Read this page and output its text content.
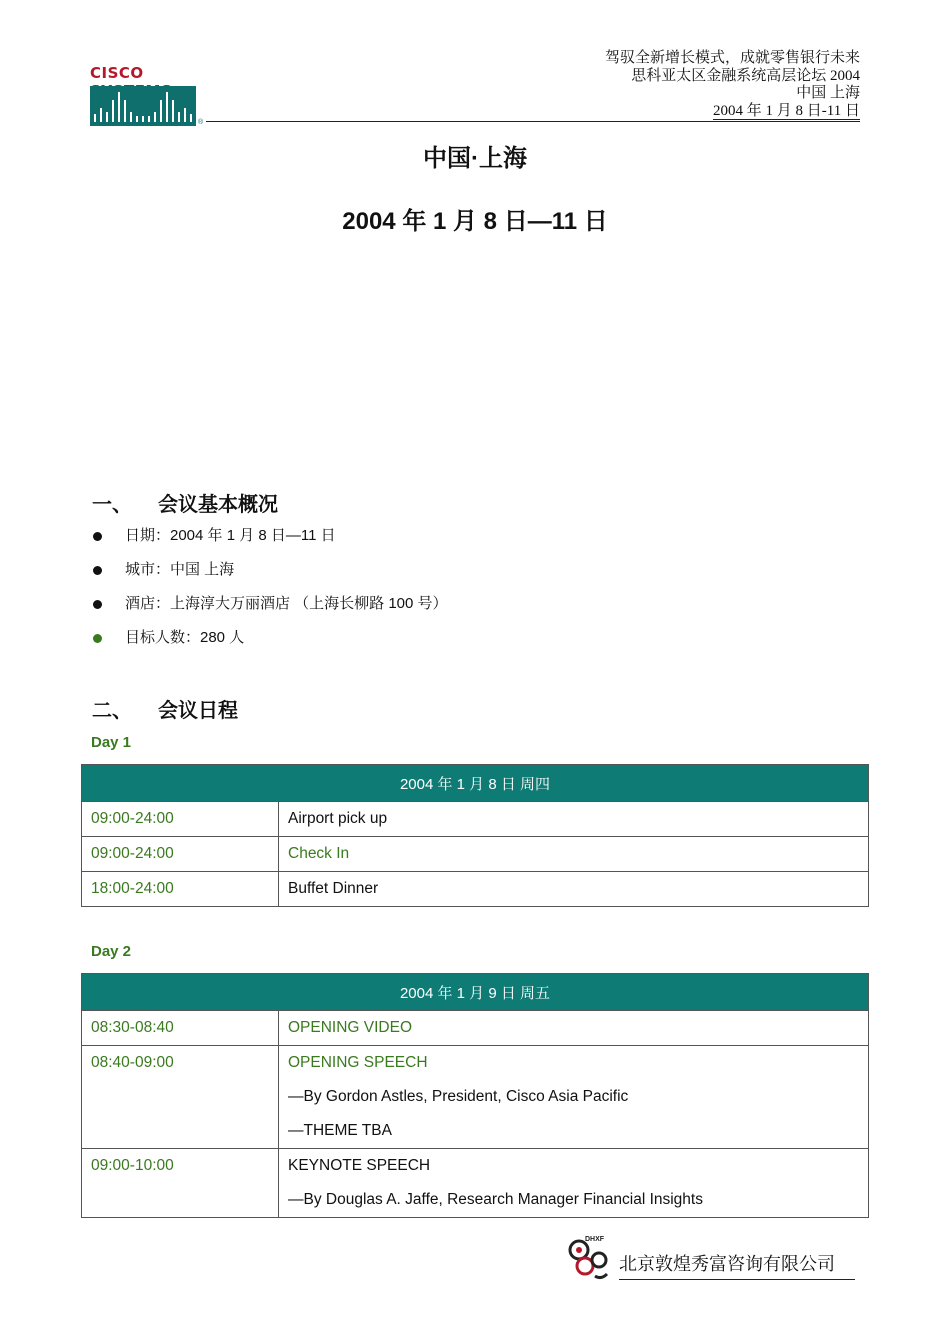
CISCO
®
驾驭全新增长模式，成就零售银行未来
思科亚太区金融系统高层论坛 2004
中国 上海
2004 年 1 月 8 日-11 日
中国·上海
2004 年 1 月 8 日—11 日
一、 会议基本概况
日期：2004 年 1 月 8 日—11 日
城市：中国 上海
酒店：上海淳大万丽酒店 （上海长柳路 100 号）
目标人数：280 人
二、 会议日程
Day 1
2004 年 1 月 8 日 周四	
09:00-24:00	Airport pick up
09:00-24:00	Check In
18:00-24:00	Buffet Dinner
Day 2
2004 年 1 月 9 日 周五	
08:30-08:40	OPENING VIDEO
08:40-09:00	OPENING SPEECH
—By Gordon Astles, President, Cisco Asia Pacific
—THEME TBA

09:00-10:00	KEYNOTE SPEECH
—By Douglas A. Jaffe, Research Manager Financial Insights
DHXF
北京敦煌秀富咨询有限公司
